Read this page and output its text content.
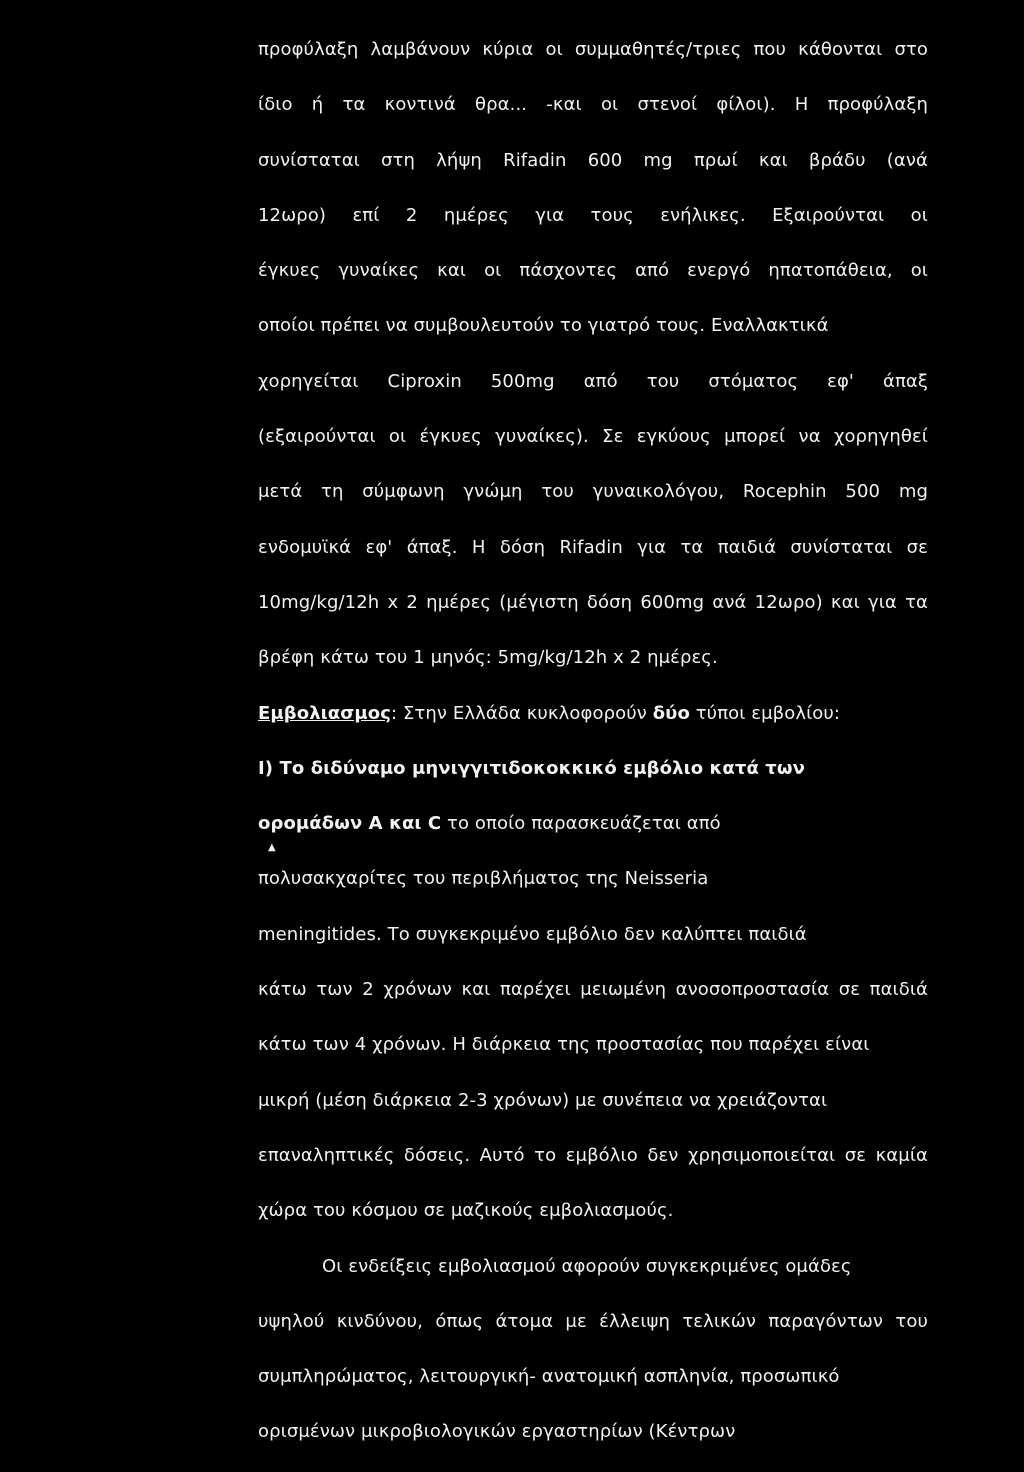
προφύλαξη λαμβάνουν κύρια οι συμμαθητές/τριες που κάθονται στο
ίδιο ή τα κοντινά θρα... -και οι στενοί φίλοι). Η προφύλαξη
συνίσταται στη λήψη Rifadin 600 mg πρωί και βράδυ (ανά
12ωρο) επί 2 ημέρες για τους ενήλικες. Εξαιρούνται οι
έγκυες γυναίκες και οι πάσχοντες από ενεργό ηπατοπάθεια, οι
οποίοι πρέπει να συμβουλευτούν το γιατρό τους. Εναλλακτικά
χορηγείται Ciproxin 500mg από του στόματος εφ' άπαξ
(εξαιρούνται οι έγκυες γυναίκες). Σε εγκύους μπορεί να χορηγηθεί
μετά τη σύμφωνη γνώμη του γυναικολόγου, Rocephin 500 mg
ενδομυϊκά εφ' άπαξ. Η δόση Rifadin για τα παιδιά συνίσταται σε
10mg/kg/12h x 2 ημέρες (μέγιστη δόση 600mg ανά 12ωρο) και για τα
βρέφη κάτω του 1 μηνός: 5mg/kg/12h x 2 ημέρες.
Εμβολιασμος: Στην Ελλάδα κυκλοφορούν δύο τύποι εμβολίου:
I) Το διδύναμο μηνιγγιτιδοκοκκικό εμβόλιο κατά των
ορομάδων A και C το οποίο παρασκευάζεται από
πολυσακχαρίτες του περιβλήματος της Neisseria
meningitides. Το συγκεκριμένο εμβόλιο δεν καλύπτει παιδιά
κάτω των 2 χρόνων και παρέχει μειωμένη ανοσοπροστασία σε παιδιά
κάτω των 4 χρόνων. Η διάρκεια της προστασίας που παρέχει είναι
μικρή (μέση διάρκεια 2-3 χρόνων) με συνέπεια να χρειάζονται
επαναληπτικές δόσεις. Αυτό το εμβόλιο δεν χρησιμοποιείται σε καμία
χώρα του κόσμου σε μαζικούς εμβολιασμούς.
Οι ενδείξεις εμβολιασμού αφορούν συγκεκριμένες ομάδες
υψηλού κινδύνου, όπως άτομα με έλλειψη τελικών παραγόντων του
συμπληρώματος, λειτουργική- ανατομική ασπληνία, προσωπικό
ορισμένων μικροβιολογικών εργαστηρίων (Κέντρων
▲
